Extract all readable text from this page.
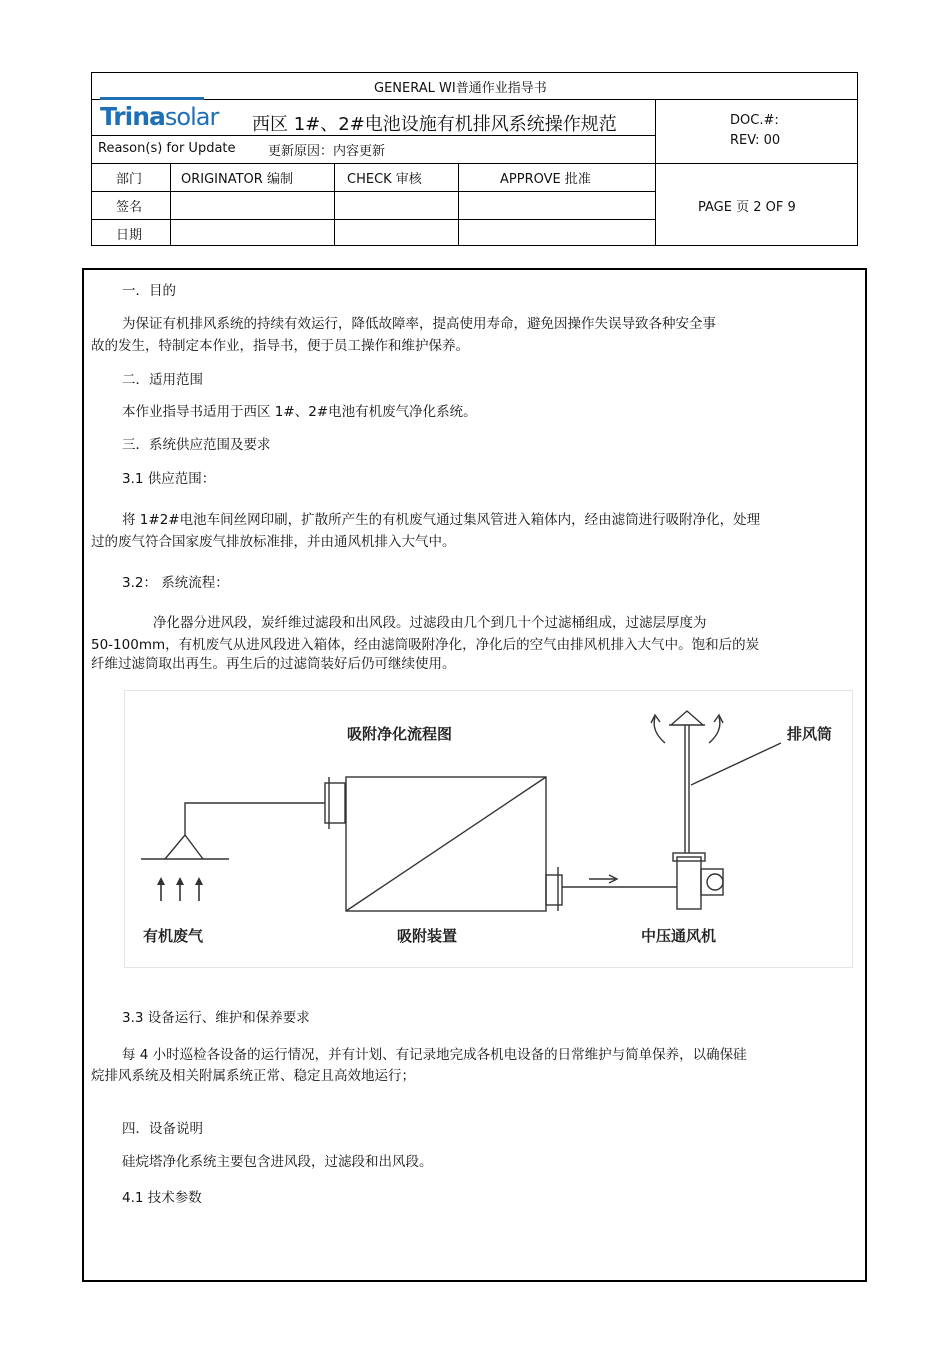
GENERAL WI普通作业指导书
Trina solar 西区 1#、2#电池设施有机排风系统操作规范	DOC.#:
REV: 00
Reason(s) for Update 更新原因：内容更新
部门	ORIGINATOR 编制	CHECK 审核	APPROVE 批准
签名
日期
PAGE 页 2 OF 9
一．目的
为保证有机排风系统的持续有效运行，降低故障率，提高使用寿命，避免因操作失误导致各种安全事
故的发生，特制定本作业，指导书，便于员工操作和维护保养。
二．适用范围
本作业指导书适用于西区 1#、2#电池有机废气净化系统。
三．系统供应范围及要求
3.1 供应范围：
将 1#2#电池车间丝网印刷，扩散所产生的有机废气通过集风管进入箱体内，经由滤筒进行吸附净化，处理
过的废气符合国家废气排放标准排，并由通风机排入大气中。
3.2： 系统流程：
净化器分进风段，炭纤维过滤段和出风段。过滤段由几个到几十个过滤桶组成，过滤层厚度为
50-100mm，有机废气从进风段进入箱体，经由滤筒吸附净化，净化后的空气由排风机排入大气中。饱和后的炭
纤维过滤筒取出再生。再生后的过滤筒装好后仍可继续使用。
吸附净化流程图	排风筒
有机废气	吸附装置	中压通风机
3.3 设备运行、维护和保养要求
每 4 小时巡检各设备的运行情况，并有计划、有记录地完成各机电设备的日常维护与简单保养，以确保硅
烷排风系统及相关附属系统正常、稳定且高效地运行；
四．设备说明
硅烷塔净化系统主要包含进风段，过滤段和出风段。
4.1 技术参数
